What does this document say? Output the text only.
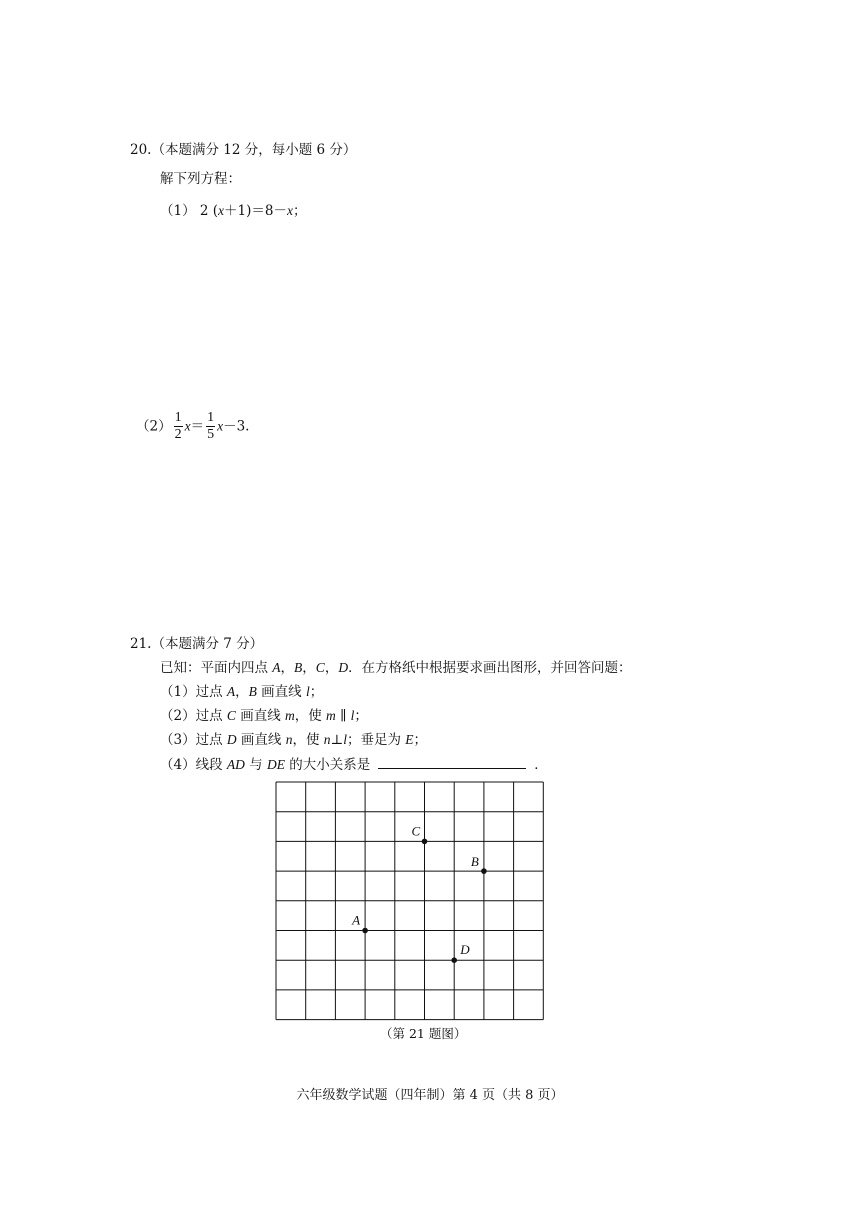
20.（本题满分 12 分，每小题 6 分）
解下列方程：
（1） 2 (x＋1)＝8－x；
$(2) \frac{1}{2} x= \frac{1}{5} x-3$.
21.（本题满分 7 分）
已知：平面内四点 A，B，C，D．在方格纸中根据要求画出图形，并回答问题：
（1）过点 A，B 画直线 l；
（2）过点 C 画直线 m，使 m ∥ l；
（3）过点 D 画直线 n，使 n⊥l；垂足为 E；
（4）线段 AD 与 DE 的大小关系是	．
A
B
C
D
（第 21 题图）
六年级数学试题（四年制）第 4 页（共 8 页）
